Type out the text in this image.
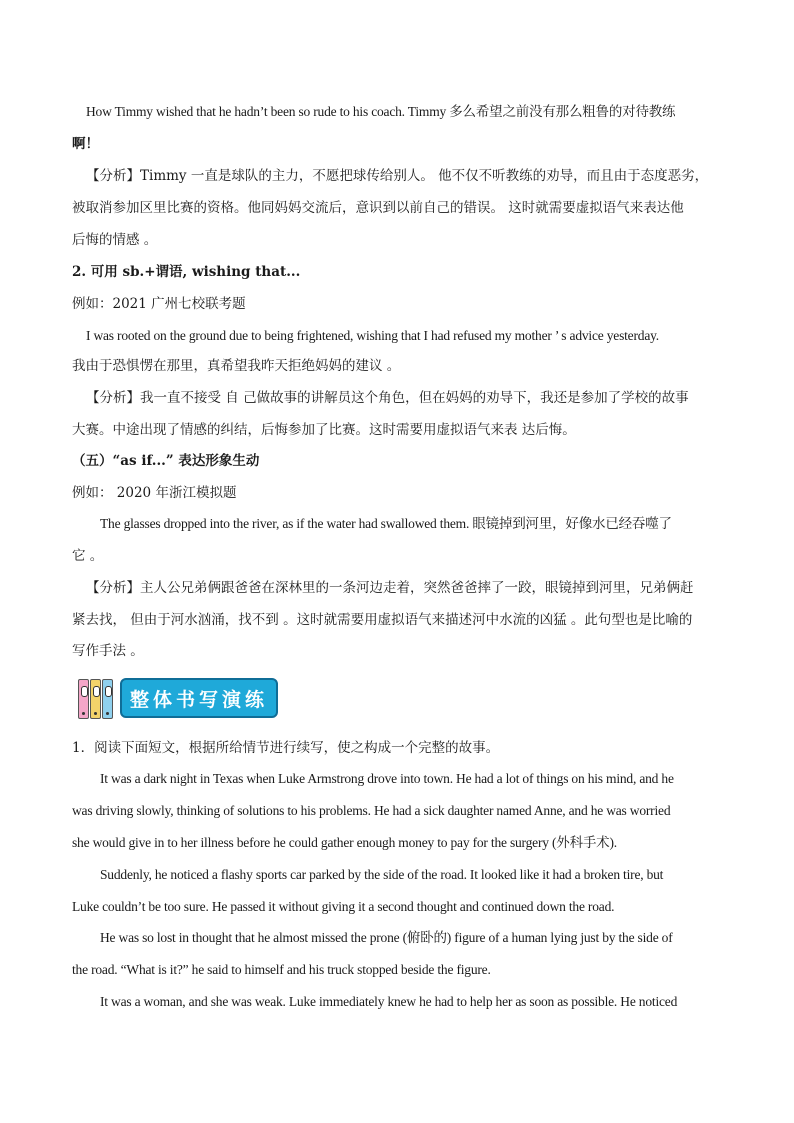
How Timmy wished that he hadn’t been so rude to his coach. Timmy 多么希望之前没有那么粗鲁的对待教练
啊！
【分析】Timmy 一直是球队的主力，不愿把球传给别人。 他不仅不听教练的劝导，而且由于态度恶劣，
被取消参加区里比赛的资格。他同妈妈交流后，意识到以前自己的错误。 这时就需要虚拟语气来表达他
后悔的情感 。
2. 可用 sb.+谓语, wishing that...
例如：2021 广州七校联考题
I was rooted on the ground due to being frightened, wishing that I had refused my mother ’ s advice yesterday.
我由于恐惧愣在那里，真希望我昨天拒绝妈妈的建议 。
【分析】我一直不接受 自 己做故事的讲解员这个角色，但在妈妈的劝导下，我还是参加了学校的故事
大赛。中途出现了情感的纠结，后悔参加了比赛。这时需要用虚拟语气来表 达后悔。
（五）“as if...” 表达形象生动
例如： 2020 年浙江模拟题
The glasses dropped into the river, as if the water had swallowed them. 眼镜掉到河里，好像水已经吞噬了
它 。
【分析】主人公兄弟俩跟爸爸在深林里的一条河边走着，突然爸爸摔了一跤，眼镜掉到河里，兄弟俩赶
紧去找， 但由于河水汹涌，找不到 。这时就需要用虚拟语气来描述河中水流的凶猛 。此句型也是比喻的
写作手法 。
整体书写演练
1．阅读下面短文，根据所给情节进行续写，使之构成一个完整的故事。
It was a dark night in Texas when Luke Armstrong drove into town. He had a lot of things on his mind, and he
was driving slowly, thinking of solutions to his problems. He had a sick daughter named Anne, and he was worried
she would give in to her illness before he could gather enough money to pay for the surgery (外科手术).
Suddenly, he noticed a flashy sports car parked by the side of the road. It looked like it had a broken tire, but
Luke couldn’t be too sure. He passed it without giving it a second thought and continued down the road.
He was so lost in thought that he almost missed the prone (俯卧的) figure of a human lying just by the side of
the road. “What is it?” he said to himself and his truck stopped beside the figure.
It was a woman, and she was weak. Luke immediately knew he had to help her as soon as possible. He noticed
